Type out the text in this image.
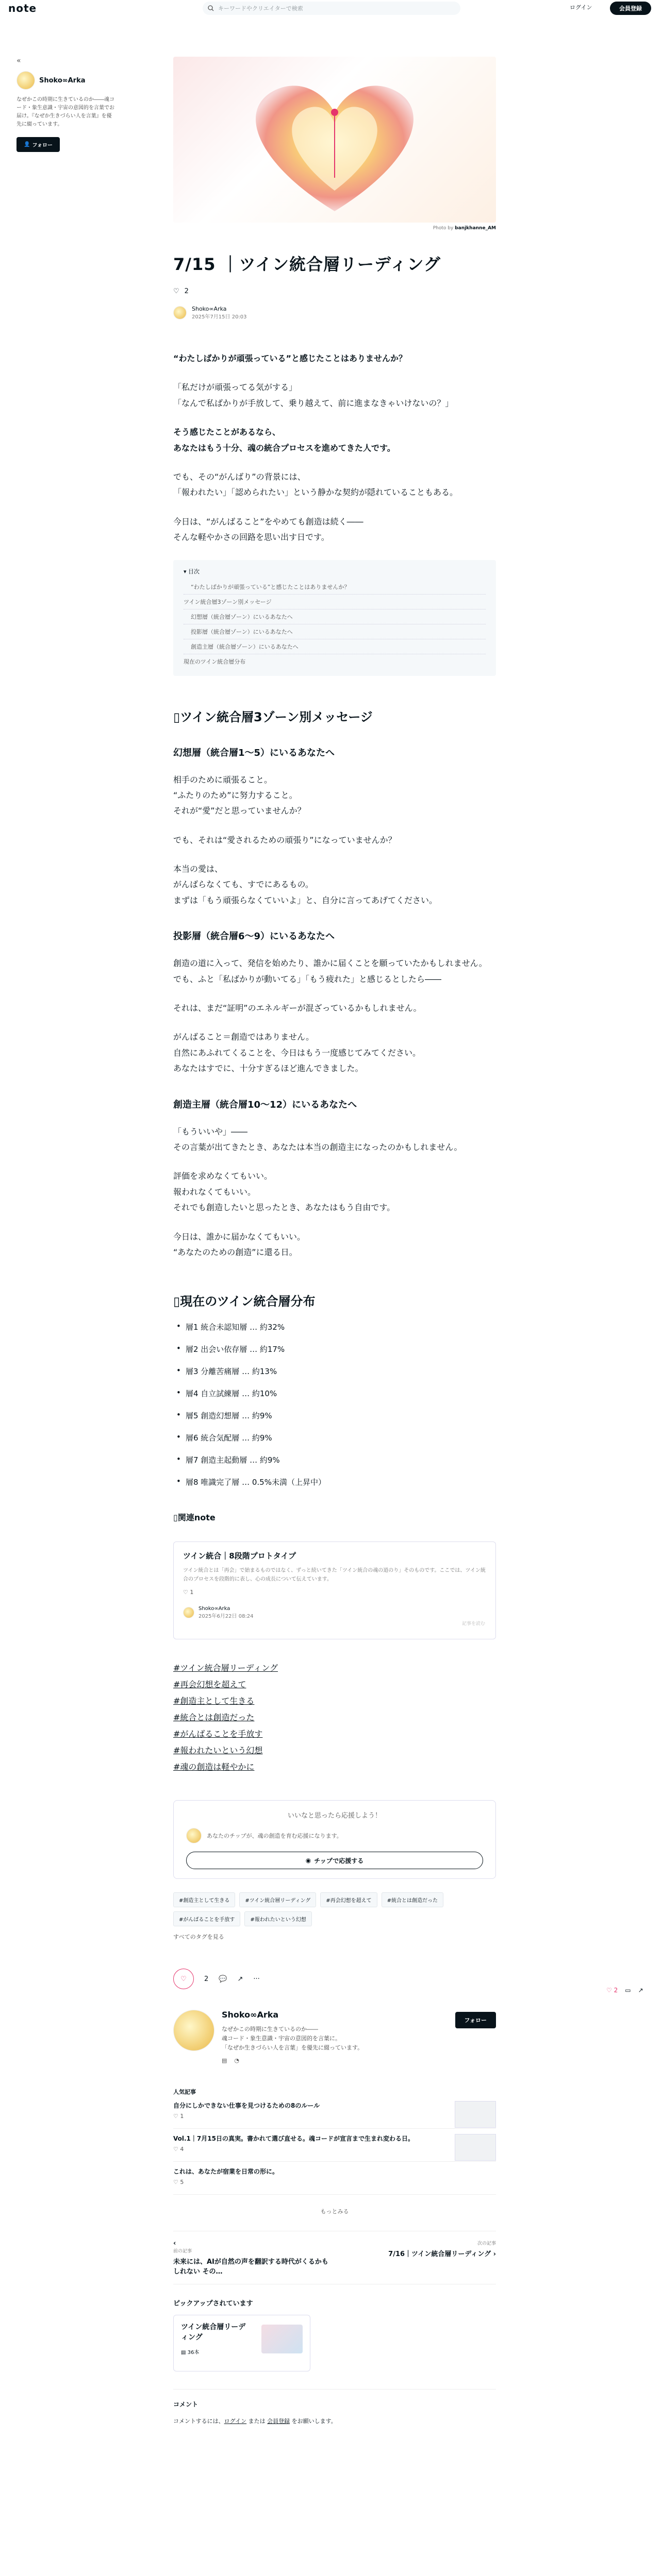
note	キーワードやクリエイターで検索	ログイン	会員登録
«
Shoko∞Arka

なぜかこの時期に生きているのか――魂コード・象生意識・宇宙の意図的を言葉でお届け。『なぜか生きづらい人を言葉』を優先に綴っています。

👤 フォロー
Photo by banjkhanne_AM
7/15 ｜ツイン統合層リーディング
♡ 2
Shoko∞Arka
2025年7月15日 20:03

“わたしばかりが頑張っている”と感じたことはありませんか？

「私だけが頑張ってる気がする」
「なんで私ばかりが手放して、乗り越えて、前に進まなきゃいけないの？」

そう感じたことがあるなら、
あなたはもう十分、魂の統合プロセスを進めてきた人です。

でも、その“がんばり”の背景には、
「報われたい」「認められたい」という静かな契約が隠れていることもある。

今日は、“がんばること”をやめても創造は続く――
そんな軽やかさの回路を思い出す日です。

▾ 目次
“わたしばかりが頑張っている”と感じたことはありませんか？
ツイン統合層3ゾーン別メッセージ
幻想層（統合層ゾーン）にいるあなたへ
投影層（統合層ゾーン）にいるあなたへ
創造主層（統合層ゾーン）にいるあなたへ
現在のツイン統合層分布
▯ツイン統合層3ゾーン別メッセージ
幻想層（統合層1〜5）にいるあなたへ

相手のために頑張ること。
“ふたりのため”に努力すること。
それが“愛”だと思っていませんか？

でも、それは“愛されるための頑張り”になっていませんか？

本当の愛は、
がんばらなくても、すでにあるもの。
まずは「もう頑張らなくていいよ」と、自分に言ってあげてください。

投影層（統合層6〜9）にいるあなたへ

創造の道に入って、発信を始めたり、誰かに届くことを願っていたかもしれません。
でも、ふと「私ばかりが動いてる」「もう疲れた」と感じるとしたら――

それは、まだ“証明”のエネルギーが混ざっているかもしれません。

がんばること＝創造ではありません。
自然にあふれてくることを、今日はもう一度感じてみてください。
あなたはすでに、十分すぎるほど進んできました。

創造主層（統合層10〜12）にいるあなたへ

「もういいや」――
その言葉が出てきたとき、あなたは本当の創造主になったのかもしれません。

評価を求めなくてもいい。
報われなくてもいい。
それでも創造したいと思ったとき、あなたはもう自由です。

今日は、誰かに届かなくてもいい。
“あなたのための創造”に還る日。

▯現在のツイン統合層分布
• 層1 統合未認知層 … 約32%
• 層2 出会い依存層 … 約17%
• 層3 分離苦痛層 … 約13%
• 層4 自立試練層 … 約10%
• 層5 創造幻想層 … 約9%
• 層6 統合気配層 … 約9%
• 層7 創造主起動層 … 約9%
• 層8 唯識完了層 … 0.5%未満（上昇中）
▯関連note
ツイン統合｜8段階プロトタイプ
ツイン統合とは「再会」で始まるものではなく、ずっと続いてきた「ツイン統合の魂の道のり」そのものです。ここでは、ツイン統合のプロセスを段階的に表し、心の成長について伝えています。
♡ 1
Shoko∞Arka
2025年6月22日 08:24
記事を読む
#ツイン統合層リーディング
#再会幻想を超えて
#創造主として生きる
#統合とは創造だった
#がんばることを手放す
#報われたいという幻想
#魂の創造は軽やかに
いいなと思ったら応援しよう！
あなたのチップが、魂の創造を育む応援になります。
◉ チップで応援する
#創造主として生きる	#ツイン統合層リーディング	#再会幻想を超えて	#統合とは創造だった
#がんばることを手放す	#報われたいという幻想
すべてのタグを見る
♡	2 💬 ↗ ···
Shoko∞Arka
なぜかこの時期に生きているのか――
魂コード・象生意識・宇宙の意図的を言葉に。
「なぜか生きづらい人を言葉」を優先に綴っています。
フォロー
▤ ◔
人気記事
自分にしかできない仕事を見つけるための8のルール
♡ 1
Vol.1｜7月15日の真実。書かれて選び直せる。魂コードが宣言まで生まれ変わる日。
♡ 4
これは、あなたが宿業を日常の形に。
♡ 5
もっとみる
‹
前の記事
未来には、AIが自然の声を翻訳する時代がくるかもしれない その…
次の記事
7/16｜ツイン統合層リーディング ›
ピックアップされています
ツイン統合層リーディング
▤ 36本
コメント
コメントするには、ログイン または 会員登録 をお願いします。
♡ 2 ▭ ↗
